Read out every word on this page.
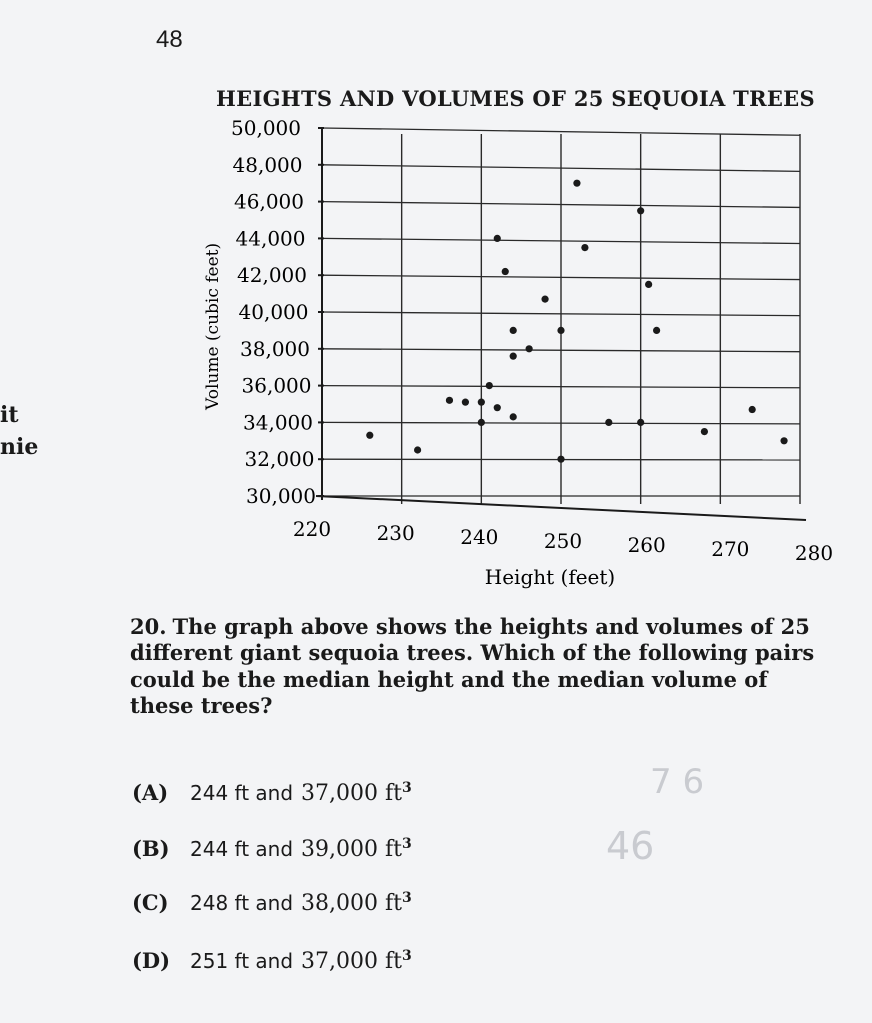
48
it
nie
HEIGHTS AND VOLUMES OF 25 SEQUOIA TREES
30,000
32,000
34,000
36,000
38,000
40,000
42,000
44,000
46,000
48,000
50,000
220 230 240 250 260 270 280
Volume (cubic feet)
Height (feet)
20. The graph above shows the heights and volumes of 25 different giant sequoia trees. Which of the following pairs could be the median height and the median volume of these trees?
(A) 244 ft and 37,000 $ft^3$
(B) 244 ft and 39,000 $ft^3$
(C) 248 ft and 38,000 $ft^3$
(D) 251 ft and 37,000 $ft^3$
7 6
46
